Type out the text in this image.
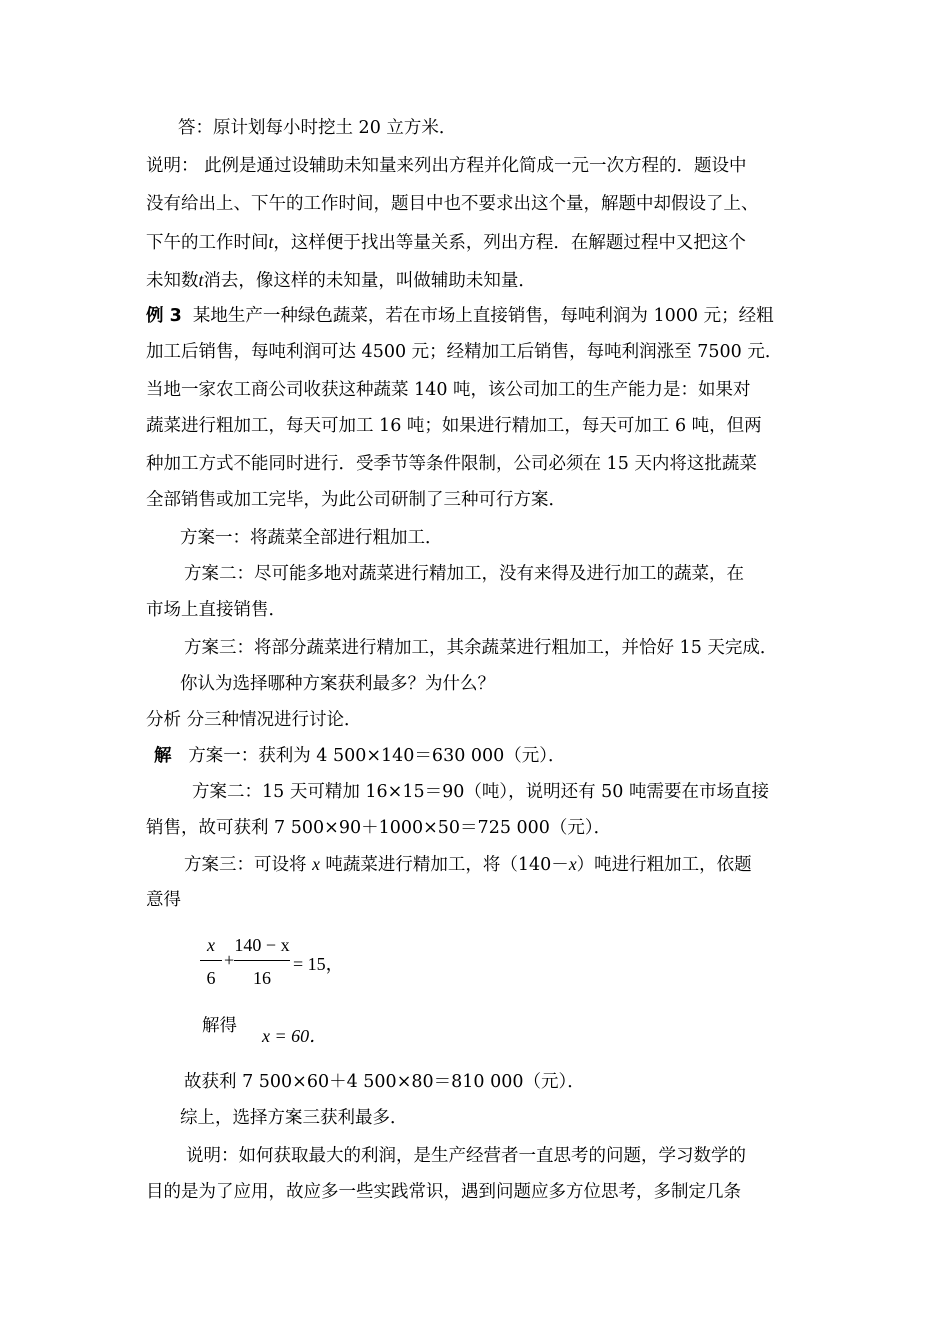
答：原计划每小时挖土 20 立方米．
说明： 此例是通过设辅助未知量来列出方程并化简成一元一次方程的．题设中
没有给出上、下午的工作时间，题目中也不要求出这个量，解题中却假设了上、
下午的工作时间t，这样便于找出等量关系，列出方程．在解题过程中又把这个
未知数t消去，像这样的未知量，叫做辅助未知量．
例 3 某地生产一种绿色蔬菜，若在市场上直接销售，每吨利润为 1000 元；经粗
加工后销售，每吨利润可达 4500 元；经精加工后销售，每吨利润涨至 7500 元．
当地一家农工商公司收获这种蔬菜 140 吨，该公司加工的生产能力是：如果对
蔬菜进行粗加工，每天可加工 16 吨；如果进行精加工，每天可加工 6 吨，但两
种加工方式不能同时进行．受季节等条件限制，公司必须在 15 天内将这批蔬菜
全部销售或加工完毕，为此公司研制了三种可行方案．
方案一：将蔬菜全部进行粗加工．
方案二：尽可能多地对蔬菜进行精加工，没有来得及进行加工的蔬菜，在
市场上直接销售．
方案三：将部分蔬菜进行精加工，其余蔬菜进行粗加工，并恰好 15 天完成．
你认为选择哪种方案获利最多？为什么？
分析 分三种情况进行讨论．
解 方案一：获利为 4 500×140＝630 000（元）．
方案二：15 天可精加 16×15＝90（吨），说明还有 50 吨需要在市场直接
销售，故可获利 7 500×90＋1000×50＝725 000（元）．
方案三：可设将 x 吨蔬菜进行精加工，将（140－x）吨进行粗加工，依题
意得
x
6
+
140 − x
16
= 15，
解得 x = 60．
故获利 7 500×60＋4 500×80＝810 000（元）．
综上，选择方案三获利最多．
说明：如何获取最大的利润，是生产经营者一直思考的问题，学习数学的
目的是为了应用，故应多一些实践常识，遇到问题应多方位思考，多制定几条
